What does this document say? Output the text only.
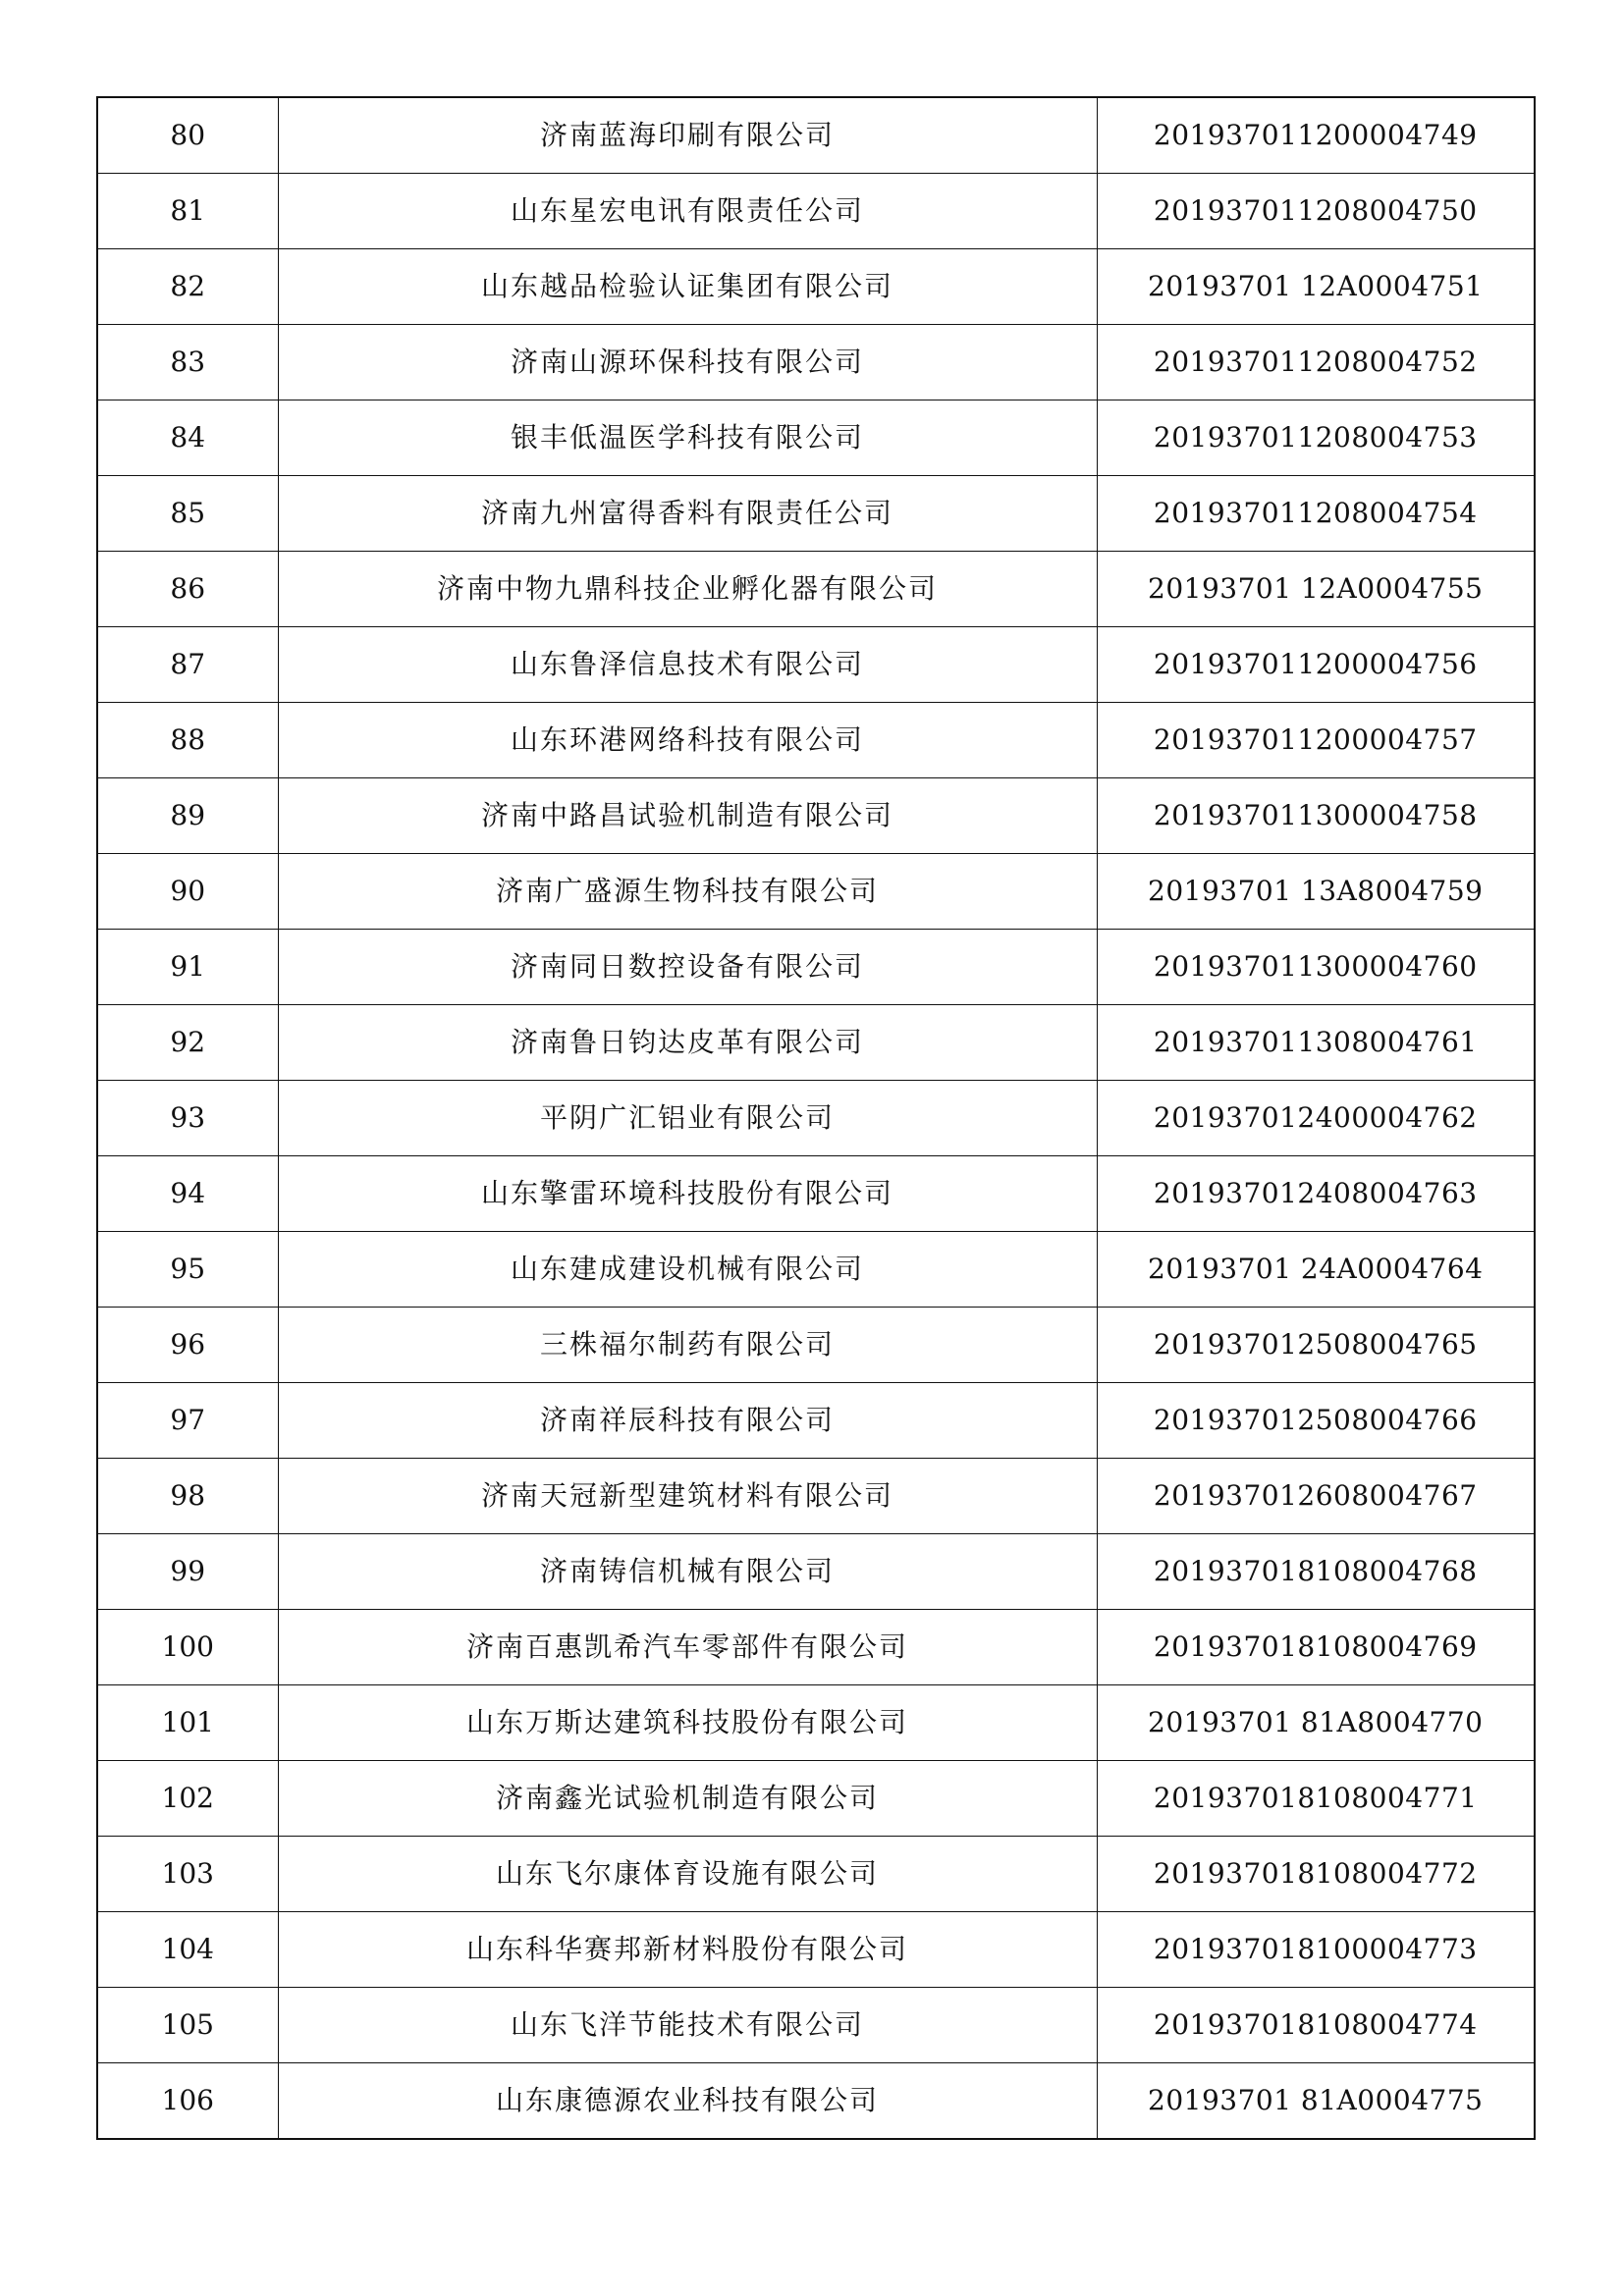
80	济南蓝海印刷有限公司	201937011200004749
81	山东星宏电讯有限责任公司	201937011208004750
82	山东越品检验认证集团有限公司	20193701 12A0004751
83	济南山源环保科技有限公司	201937011208004752
84	银丰低温医学科技有限公司	201937011208004753
85	济南九州富得香料有限责任公司	201937011208004754
86	济南中物九鼎科技企业孵化器有限公司	20193701 12A0004755
87	山东鲁泽信息技术有限公司	201937011200004756
88	山东环港网络科技有限公司	201937011200004757
89	济南中路昌试验机制造有限公司	201937011300004758
90	济南广盛源生物科技有限公司	20193701 13A8004759
91	济南同日数控设备有限公司	201937011300004760
92	济南鲁日钧达皮革有限公司	201937011308004761
93	平阴广汇铝业有限公司	201937012400004762
94	山东擎雷环境科技股份有限公司	201937012408004763
95	山东建成建设机械有限公司	20193701 24A0004764
96	三株福尔制药有限公司	201937012508004765
97	济南祥辰科技有限公司	201937012508004766
98	济南天冠新型建筑材料有限公司	201937012608004767
99	济南铸信机械有限公司	201937018108004768
100	济南百惠凯希汽车零部件有限公司	201937018108004769
101	山东万斯达建筑科技股份有限公司	20193701 81A8004770
102	济南鑫光试验机制造有限公司	201937018108004771
103	山东飞尔康体育设施有限公司	201937018108004772
104	山东科华赛邦新材料股份有限公司	201937018100004773
105	山东飞洋节能技术有限公司	201937018108004774
106	山东康德源农业科技有限公司	20193701 81A0004775
